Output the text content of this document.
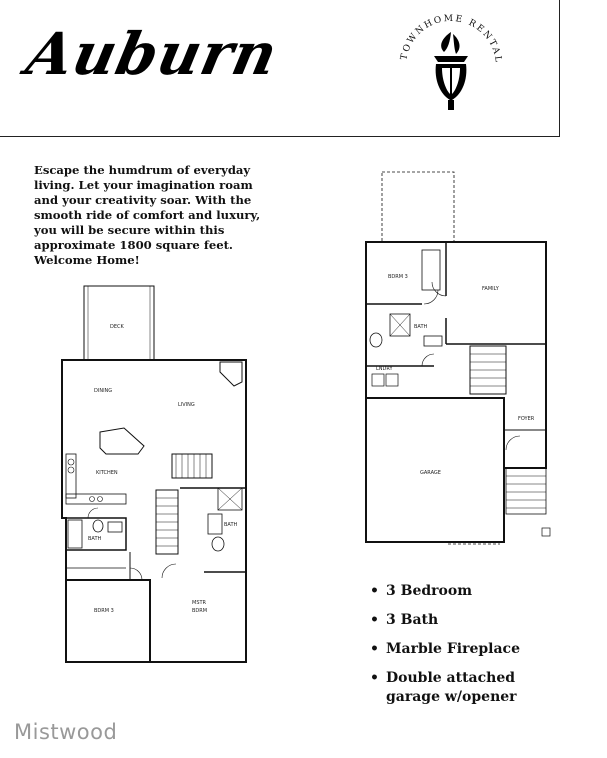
Auburn	TOWNHOME RENTAL

Escape the humdrum of everyday living. Let your imagination roam and your creativity soar. With the smooth ride of comfort and luxury, you will be secure within this approximate 1800 square feet. Welcome Home!

DECK
DINING
LIVING
KITCHEN
BATH
BATH
BDRM 3
MSTR
BDRM
BDRM 3
FAMILY
BATH
LNDRY
FOYER
GARAGE
• 3 Bedroom
• 3 Bath
• Marble Fireplace
• Double attached
garage w/opener
Mistwood
